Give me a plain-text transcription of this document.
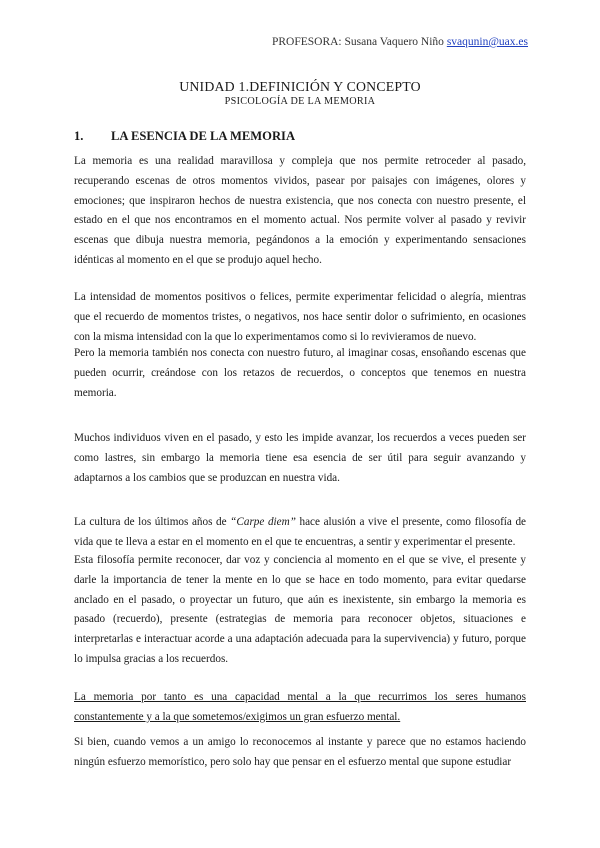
PROFESORA: Susana Vaquero Niño svaqunin@uax.es
UNIDAD 1.DEFINICIÓN Y CONCEPTO
PSICOLOGÍA DE LA MEMORIA
1. LA ESENCIA DE LA MEMORIA
La memoria es una realidad maravillosa y compleja que nos permite retroceder al pasado, recuperando escenas de otros momentos vividos, pasear por paisajes con imágenes, olores y emociones; que inspiraron hechos de nuestra existencia, que nos conecta con nuestro presente, el estado en el que nos encontramos en el momento actual. Nos permite volver al pasado y revivir escenas que dibuja nuestra memoria, pegándonos a la emoción y experimentando sensaciones idénticas al momento en el que se produjo aquel hecho.
La intensidad de momentos positivos o felices, permite experimentar felicidad o alegría, mientras que el recuerdo de momentos tristes, o negativos, nos hace sentir dolor o sufrimiento, en ocasiones con la misma intensidad con la que lo experimentamos como si lo revivieramos de nuevo.
Pero la memoria también nos conecta con nuestro futuro, al imaginar cosas, ensoñando escenas que pueden ocurrir, creándose con los retazos de recuerdos, o conceptos que tenemos en nuestra memoria.
Muchos individuos viven en el pasado, y esto les impide avanzar, los recuerdos a veces pueden ser como lastres, sin embargo la memoria tiene esa esencia de ser útil para seguir avanzando y adaptarnos a los cambios que se produzcan en nuestra vida.
La cultura de los últimos años de “Carpe diem” hace alusión a vive el presente, como filosofía de vida que te lleva a estar en el momento en el que te encuentras, a sentir y experimentar el presente.
Esta filosofía permite reconocer, dar voz y conciencia al momento en el que se vive, el presente y darle la importancia de tener la mente en lo que se hace en todo momento, para evitar quedarse anclado en el pasado, o proyectar un futuro, que aún es inexistente, sin embargo la memoria es pasado (recuerdo), presente (estrategias de memoria para reconocer objetos, situaciones e interpretarlas e interactuar acorde a una adaptación adecuada para la supervivencia) y futuro, porque lo impulsa gracias a los recuerdos.
La memoria por tanto es una capacidad mental a la que recurrimos los seres humanos constantemente y a la que sometemos/exigimos un gran esfuerzo mental.
Si bien, cuando vemos a un amigo lo reconocemos al instante y parece que no estamos haciendo ningún esfuerzo memorístico, pero solo hay que pensar en el esfuerzo mental que supone estudiar
